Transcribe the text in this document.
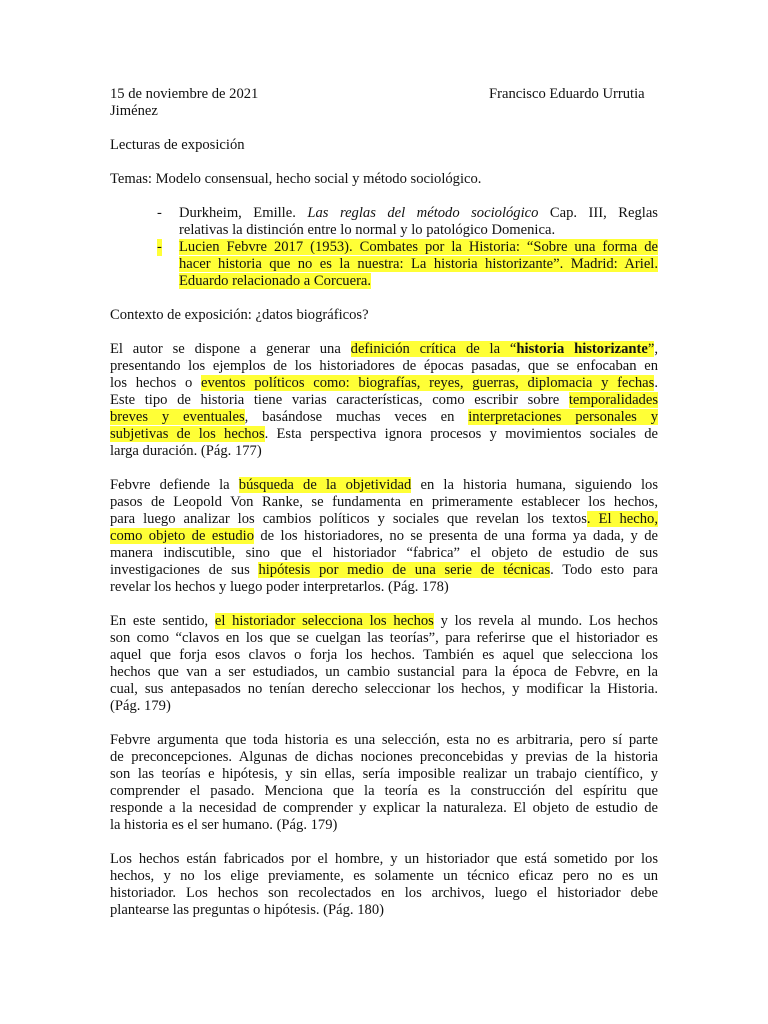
15 de noviembre de 2021	Francisco Eduardo Urrutia
Jiménez
Lecturas de exposición
Temas: Modelo consensual, hecho social y método sociológico.
- Durkheim, Emille. Las reglas del método sociológico Cap. III, Reglas
relativas la distinción entre lo normal y lo patológico Domenica.
- Lucien Febvre 2017 (1953). Combates por la Historia: “Sobre una forma de
hacer historia que no es la nuestra: La historia historizante”. Madrid: Ariel.
Eduardo relacionado a Corcuera.
Contexto de exposición: ¿datos biográficos?
El autor se dispone a generar una definición crítica de la “historia historizante”,
presentando los ejemplos de los historiadores de épocas pasadas, que se enfocaban en
los hechos o eventos políticos como: biografías, reyes, guerras, diplomacia y fechas.
Este tipo de historia tiene varias características, como escribir sobre temporalidades
breves y eventuales, basándose muchas veces en interpretaciones personales y
subjetivas de los hechos. Esta perspectiva ignora procesos y movimientos sociales de
larga duración. (Pág. 177)
Febvre defiende la búsqueda de la objetividad en la historia humana, siguiendo los
pasos de Leopold Von Ranke, se fundamenta en primeramente establecer los hechos,
para luego analizar los cambios políticos y sociales que revelan los textos. El hecho,
como objeto de estudio de los historiadores, no se presenta de una forma ya dada, y de
manera indiscutible, sino que el historiador “fabrica” el objeto de estudio de sus
investigaciones de sus hipótesis por medio de una serie de técnicas. Todo esto para
revelar los hechos y luego poder interpretarlos. (Pág. 178)
En este sentido, el historiador selecciona los hechos y los revela al mundo. Los hechos
son como “clavos en los que se cuelgan las teorías”, para referirse que el historiador es
aquel que forja esos clavos o forja los hechos. También es aquel que selecciona los
hechos que van a ser estudiados, un cambio sustancial para la época de Febvre, en la
cual, sus antepasados no tenían derecho seleccionar los hechos, y modificar la Historia.
(Pág. 179)
Febvre argumenta que toda historia es una selección, esta no es arbitraria, pero sí parte
de preconcepciones. Algunas de dichas nociones preconcebidas y previas de la historia
son las teorías e hipótesis, y sin ellas, sería imposible realizar un trabajo científico, y
comprender el pasado. Menciona que la teoría es la construcción del espíritu que
responde a la necesidad de comprender y explicar la naturaleza. El objeto de estudio de
la historia es el ser humano. (Pág. 179)
Los hechos están fabricados por el hombre, y un historiador que está sometido por los
hechos, y no los elige previamente, es solamente un técnico eficaz pero no es un
historiador. Los hechos son recolectados en los archivos, luego el historiador debe
plantearse las preguntas o hipótesis. (Pág. 180)
